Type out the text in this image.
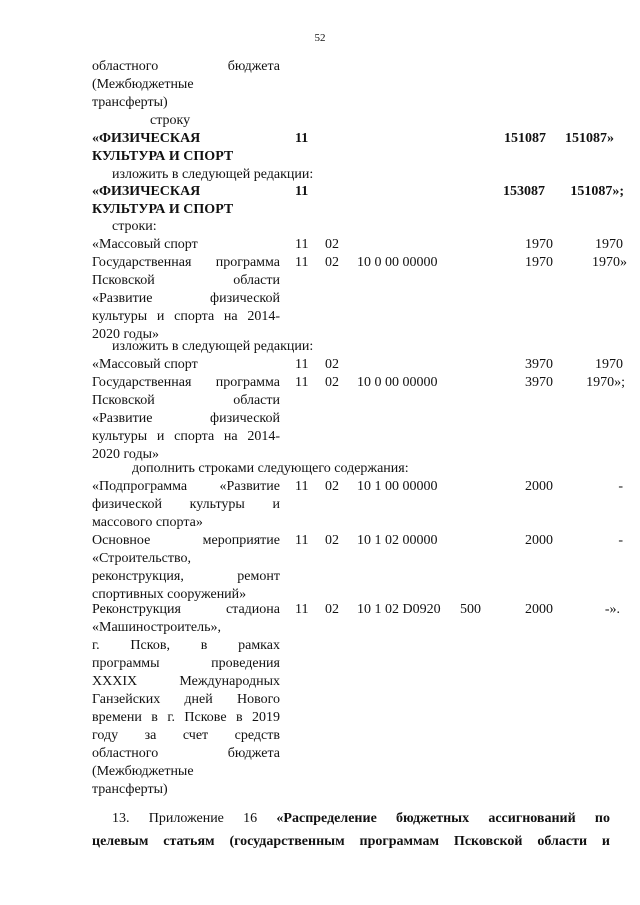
52
областного бюджета
(Межбюджетные
трансферты)
строку
«ФИЗИЧЕСКАЯ
КУЛЬТУРА И СПОРТ
11	151087	151087»
изложить в следующей редакции:
«ФИЗИЧЕСКАЯ
КУЛЬТУРА И СПОРТ
11	153087	151087»;
строки:
«Массовый спорт	11 02	1970	1970
Государственная программа
Псковской области
«Развитие физической
культуры и спорта на 2014-
2020 годы»
11 02 10 0 00 00000	1970	1970»
изложить в следующей редакции:
«Массовый спорт	11 02	3970	1970
Государственная программа
Псковской области
«Развитие физической
культуры и спорта на 2014-
2020 годы»
11 02 10 0 00 00000	3970	1970»;
дополнить строками следующего содержания:
«Подпрограмма «Развитие
физической культуры и
массового спорта»
11 02 10 1 00 00000	2000	-
Основное мероприятие
«Строительство,
реконструкция, ремонт
спортивных сооружений»
11 02 10 1 02 00000	2000	-
Реконструкция стадиона
«Машиностроитель»,
г. Псков, в рамках
программы проведения
XXXIX Международных
Ганзейских дней Нового
времени в г. Пскове в 2019
году за счет средств
областного бюджета
(Межбюджетные
трансферты)
11 02 10 1 02 D0920 500	2000	-».
13. Приложение 16 «Распределение бюджетных ассигнований по
целевым статьям (государственным программам Псковской области и
